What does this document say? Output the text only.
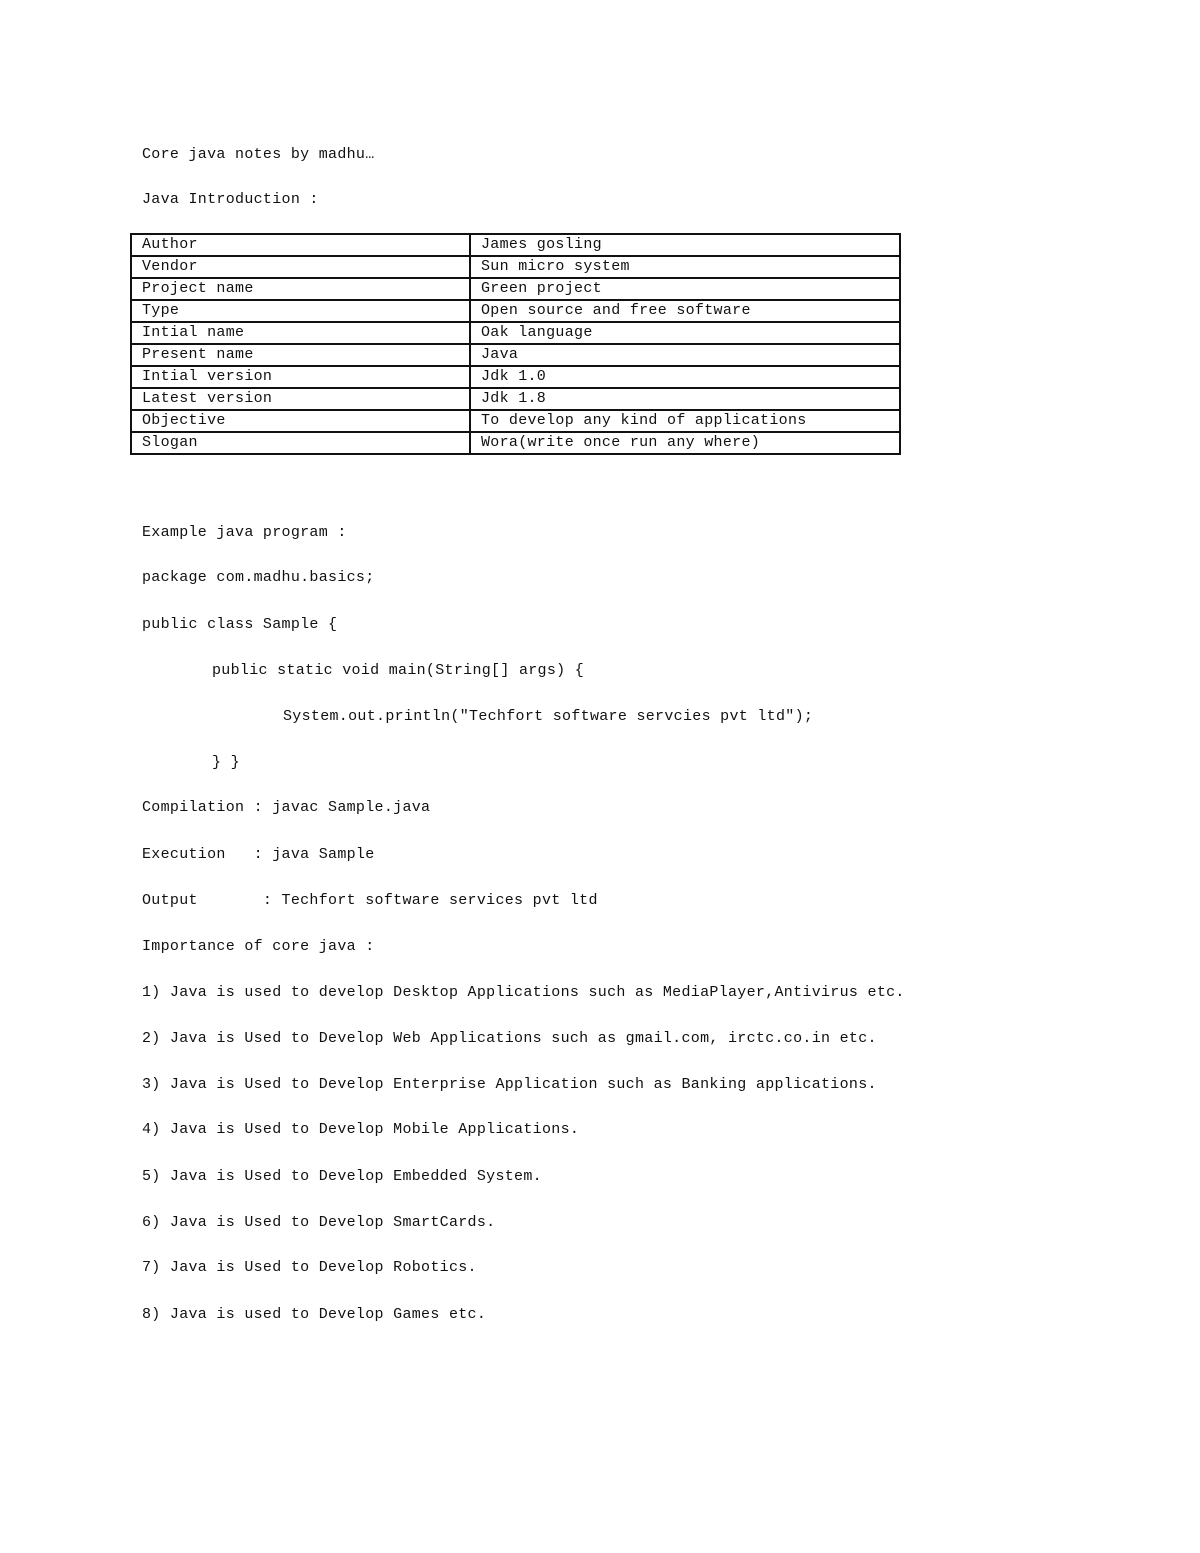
Core java notes by madhu…
Java Introduction :
Author	James gosling
Vendor	Sun micro system
Project name	Green project
Type	Open source and free software
Intial name	Oak language
Present name	Java
Intial version	Jdk 1.0
Latest version	Jdk 1.8
Objective	To develop any kind of applications
Slogan	Wora(write once run any where)
Example java program :
package com.madhu.basics;
public class Sample {
public static void main(String[] args) {
System.out.println("Techfort software servcies pvt ltd");
} }
Compilation : javac Sample.java
Execution   : java Sample
Output       : Techfort software services pvt ltd
Importance of core java :
1) Java is used to develop Desktop Applications such as MediaPlayer,Antivirus etc.
2) Java is Used to Develop Web Applications such as gmail.com, irctc.co.in etc.
3) Java is Used to Develop Enterprise Application such as Banking applications.
4) Java is Used to Develop Mobile Applications.
5) Java is Used to Develop Embedded System.
6) Java is Used to Develop SmartCards.
7) Java is Used to Develop Robotics.
8) Java is used to Develop Games etc.
